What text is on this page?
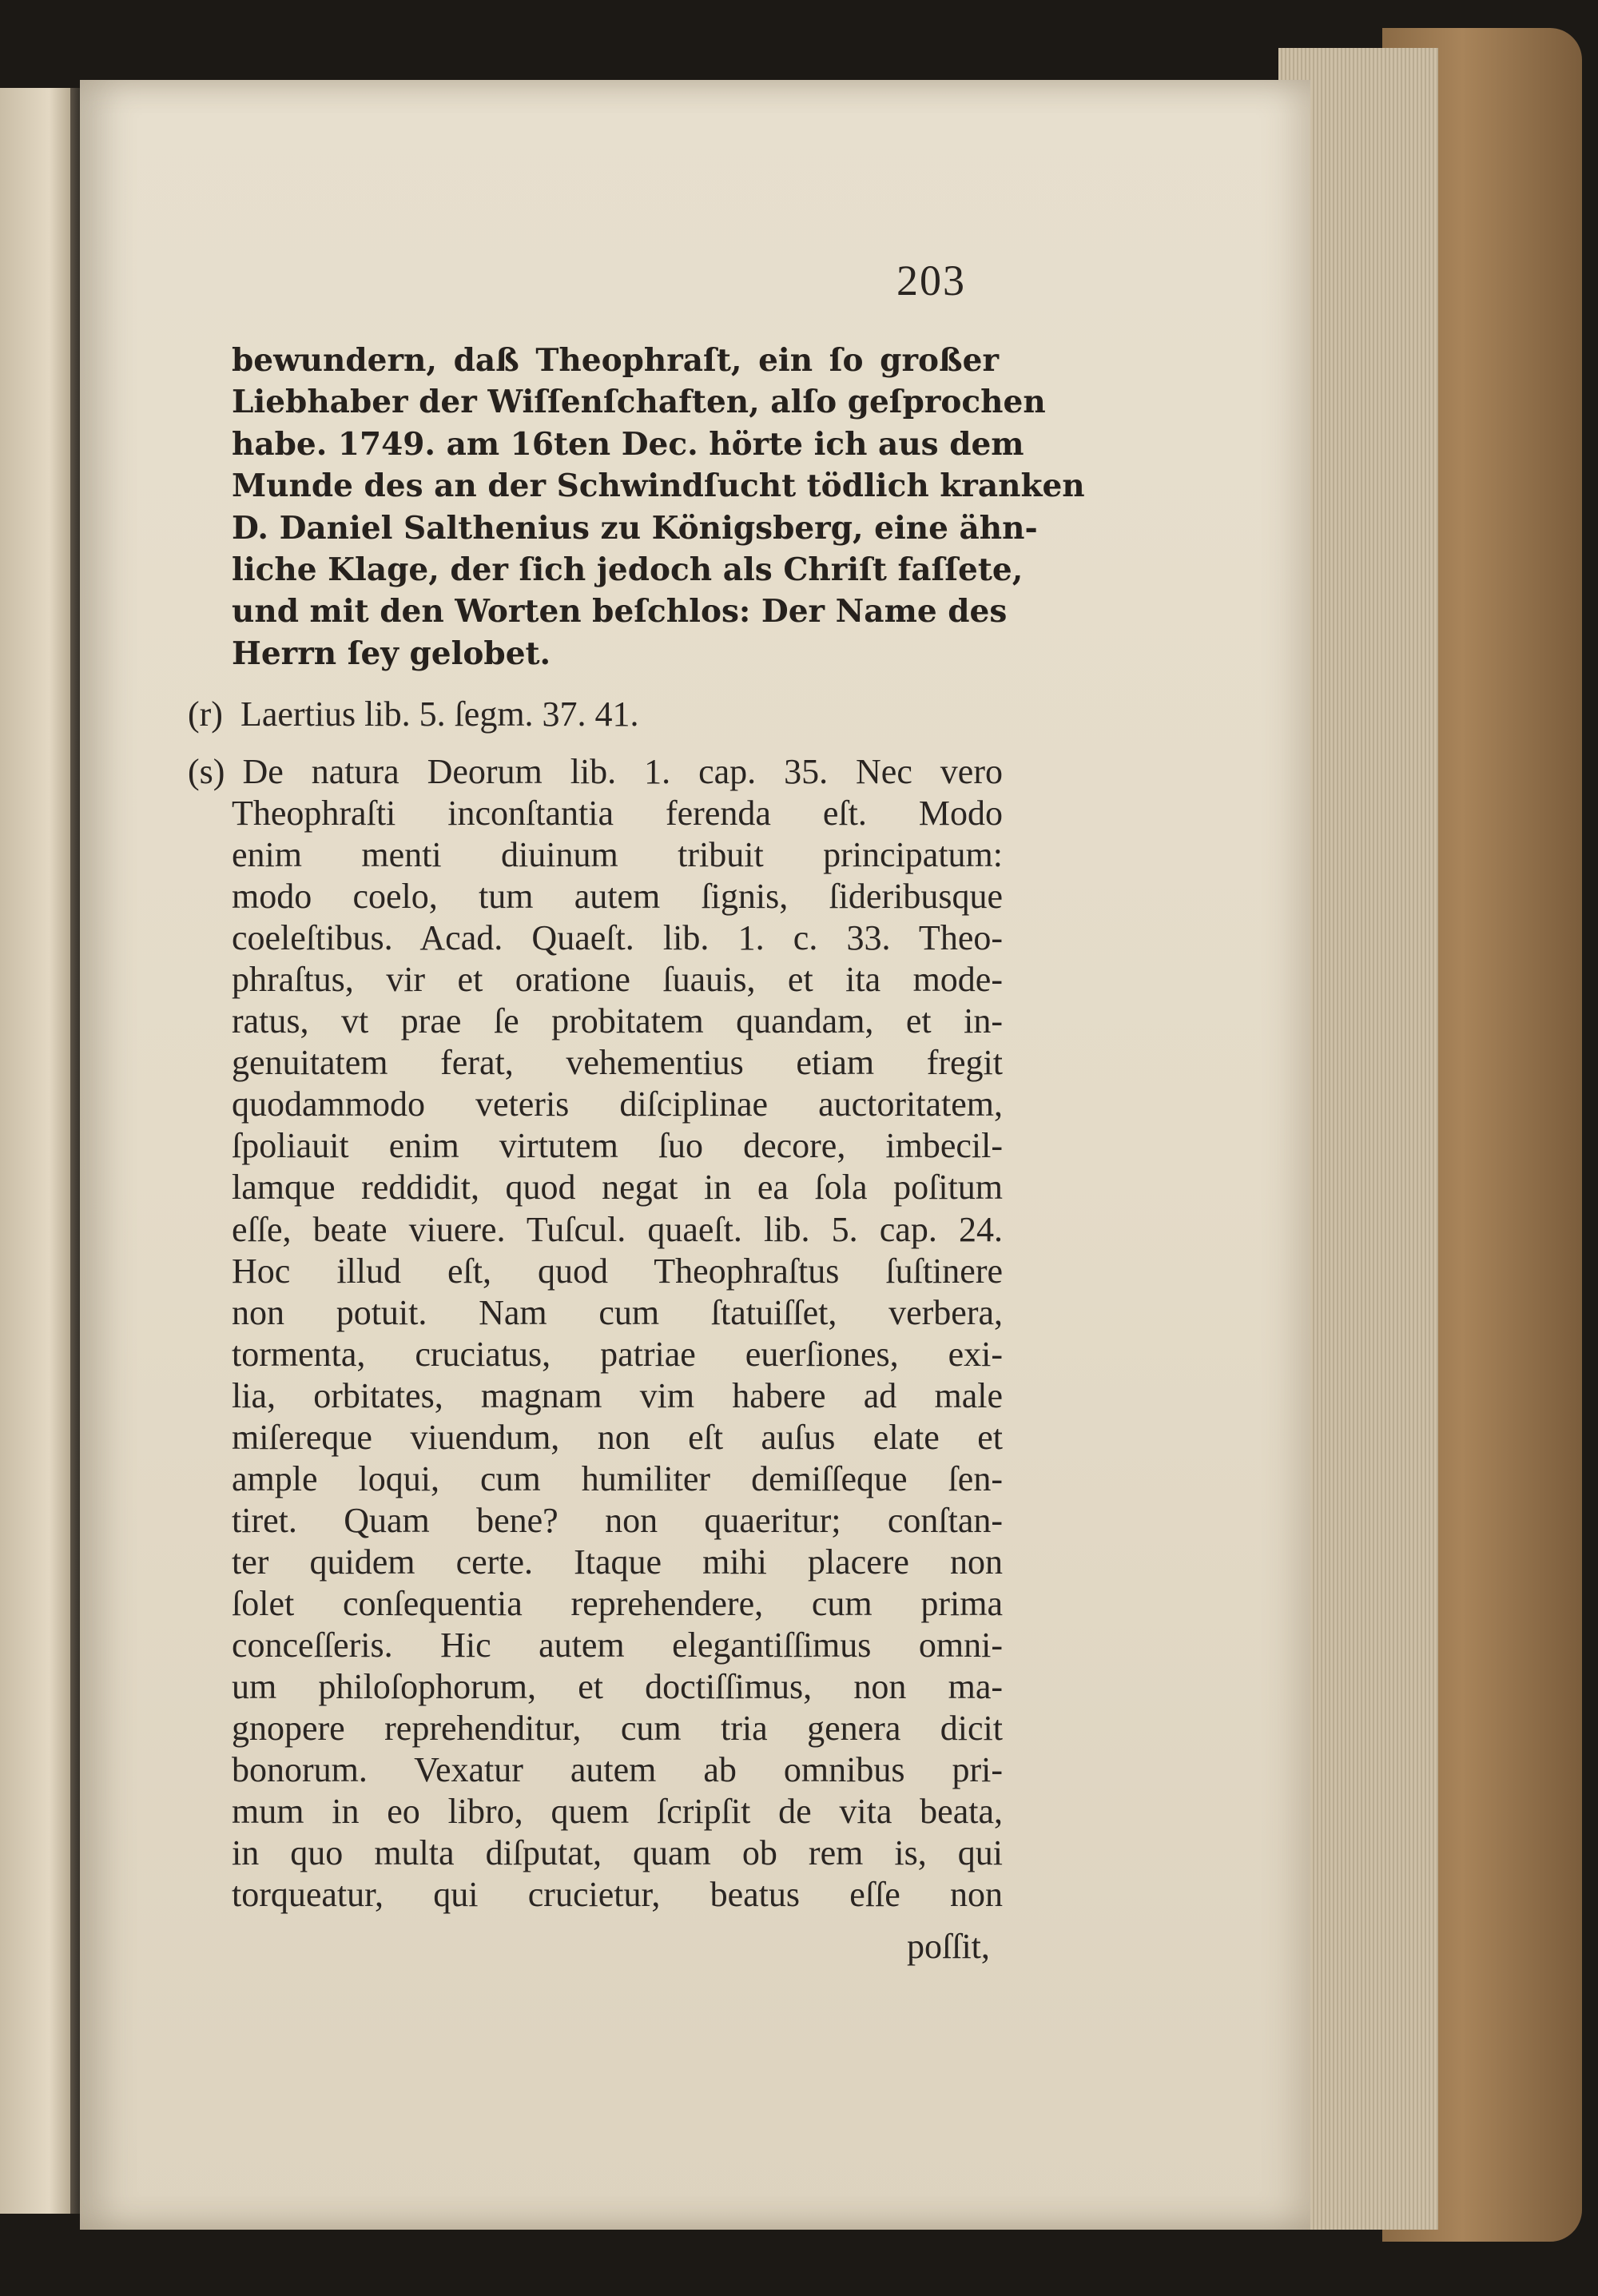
203
bewundern, daß Theophraſt, ein ſo großer
Liebhaber der Wiſſenſchaften, alſo geſprochen
habe. 1749. am 16ten Dec. hörte ich aus dem
Munde des an der Schwindſucht tödlich kranken
D. Daniel Salthenius zu Königsberg, eine ähn-
liche Klage, der ſich jedoch als Chriſt faſſete,
und mit den Worten beſchlos: Der Name des
Herrn ſey gelobet.
(r) Laertius lib. 5. ſegm. 37. 41.
(s) De natura Deorum lib. 1. cap. 35. Nec vero
Theophraſti inconſtantia ferenda eſt. Modo
enim menti diuinum tribuit principatum:
modo coelo, tum autem ſignis, ſideribusque
coeleſtibus. Acad. Quaeſt. lib. 1. c. 33. Theo-
phraſtus, vir et oratione ſuauis, et ita mode-
ratus, vt prae ſe probitatem quandam, et in-
genuitatem ferat, vehementius etiam fregit
quodammodo veteris diſciplinae auctoritatem,
ſpoliauit enim virtutem ſuo decore, imbecil-
lamque reddidit, quod negat in ea ſola poſitum
eſſe, beate viuere. Tuſcul. quaeſt. lib. 5. cap. 24.
Hoc illud eſt, quod Theophraſtus ſuſtinere
non potuit. Nam cum ſtatuiſſet, verbera,
tormenta, cruciatus, patriae euerſiones, exi-
lia, orbitates, magnam vim habere ad male
miſereque viuendum, non eſt auſus elate et
ample loqui, cum humiliter demiſſeque ſen-
tiret. Quam bene? non quaeritur; conſtan-
ter quidem certe. Itaque mihi placere non
ſolet conſequentia reprehendere, cum prima
conceſſeris. Hic autem elegantiſſimus omni-
um philoſophorum, et doctiſſimus, non ma-
gnopere reprehenditur, cum tria genera dicit
bonorum. Vexatur autem ab omnibus pri-
mum in eo libro, quem ſcripſit de vita beata,
in quo multa diſputat, quam ob rem is, qui
torqueatur, qui crucietur, beatus eſſe non
poſſit,
